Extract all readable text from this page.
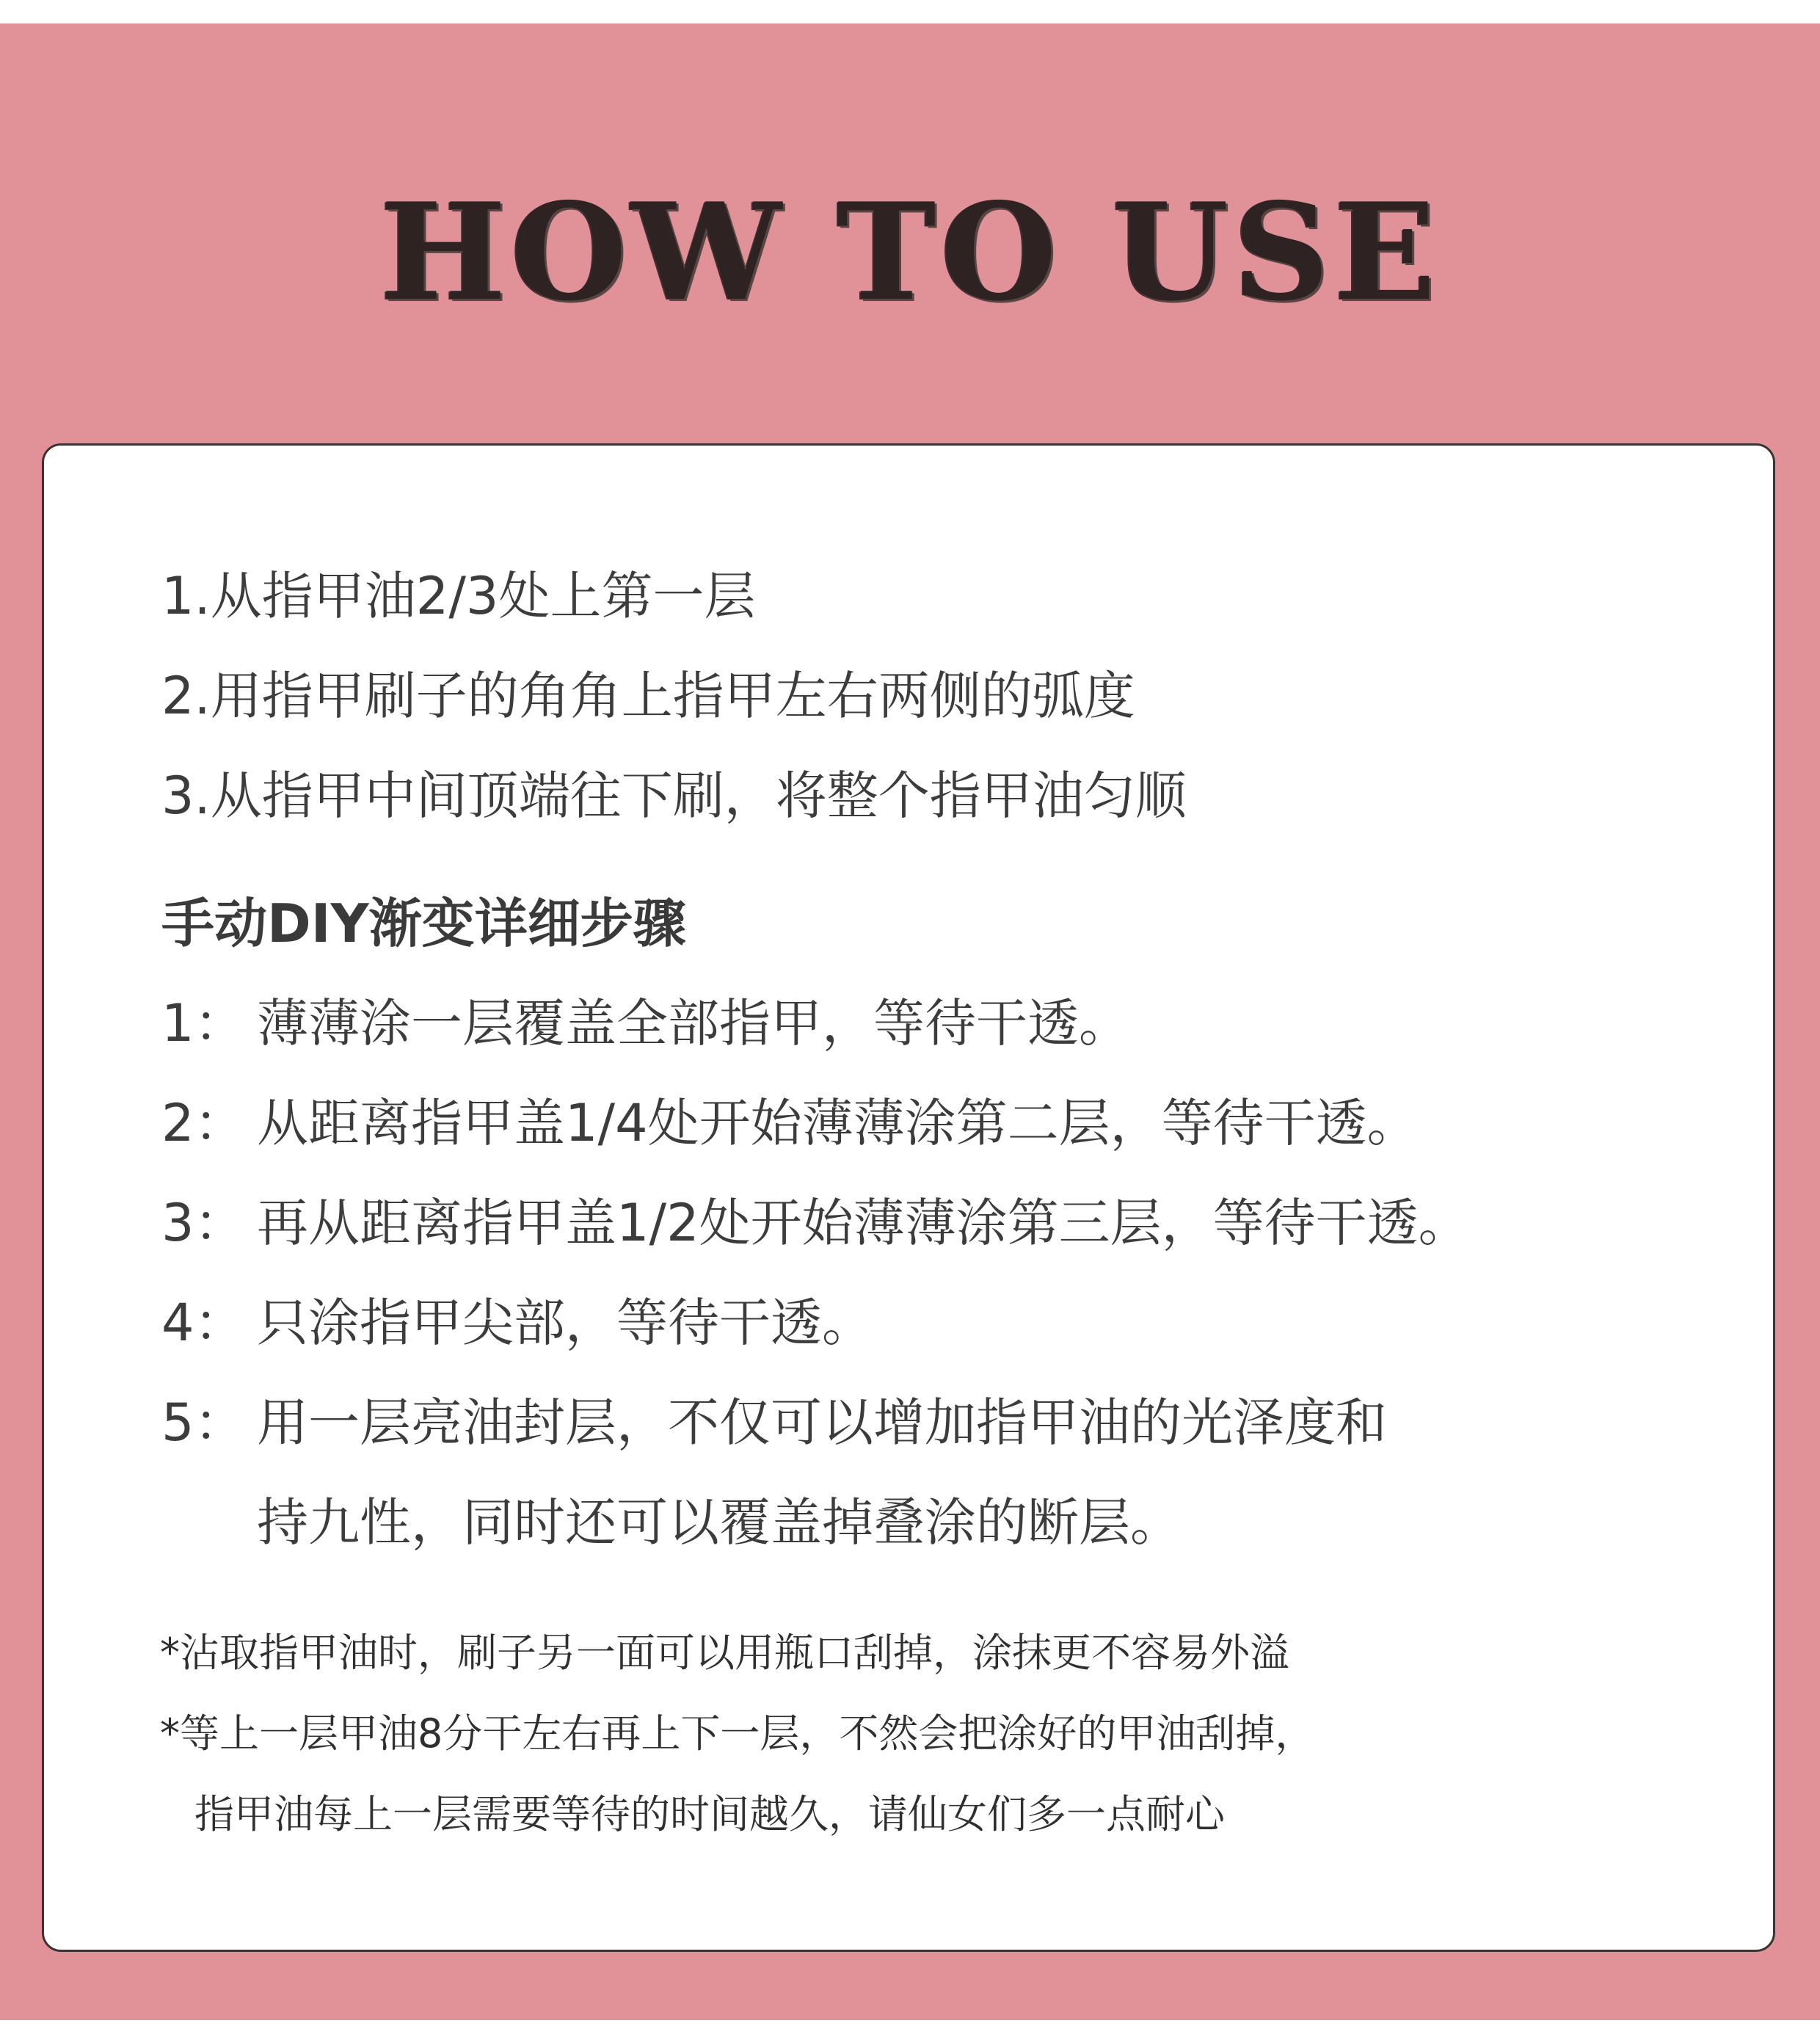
HOW TO USE
1.从指甲油2/3处上第一层
2.用指甲刷子的角角上指甲左右两侧的弧度
3.从指甲中间顶端往下刷，将整个指甲油匀顺
手动DIY渐变详细步骤
1： 薄薄涂一层覆盖全部指甲，等待干透。
2： 从距离指甲盖1/4处开始薄薄涂第二层，等待干透。
3： 再从距离指甲盖1/2处开始薄薄涂第三层，等待干透。
4： 只涂指甲尖部，等待干透。
5： 用一层亮油封层，不仅可以增加指甲油的光泽度和
持九性，同时还可以覆盖掉叠涂的断层。
*沾取指甲油时，刷子另一面可以用瓶口刮掉，涂抹更不容易外溢
*等上一层甲油8分干左右再上下一层，不然会把涂好的甲油刮掉，
指甲油每上一层需要等待的时间越久，请仙女们多一点耐心
